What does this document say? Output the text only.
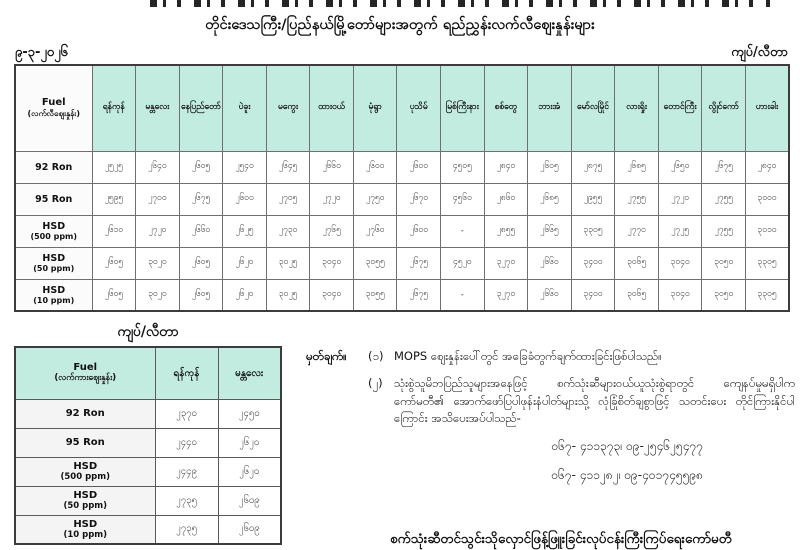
တိုင်းဒေသကြီး/ပြည်နယ်မြို့တော်များအတွက် ရည်ညွှန်းလက်လီဈေးနှုန်းများ
၉-၃-၂၀၂၆	ကျပ်/လီတာ
Fuel
(လက်လီဈေးနှုန်း)	ရန်ကုန်	မန္တလေး	နေပြည်တော်	ပဲခူး	မကွေး	ထားဝယ်	မုံရွာ	ပုသိမ်	မြစ်ကြီးနား	စစ်တွေ	ဘားအံ	မော်လမြိုင်	လားရှိုး	တောင်ကြီး	လွိုင်ကော်	ဟားခါး
92 Ron	၂၅၂၅	၂၆၄၀	၂၆၀၅	၂၅၄၀	၂၆၄၅	၂၆၆၀	၂၆၀၀	၂၆၀၀	၄၅၀၅	၂၈၄၀	၂၆၀၅	၂၈၇၅	၂၆၈၅	၂၆၅၀	၂၆၇၅	၂၈၄၀
95 Ron	၂၅၉၅	၂၇၀၀	၂၆၇၅	၂၆၀၀	၂၇၀၅	၂၇၂၀	၂၇၅၀	၂၆၇၀	၄၅၆၀	၂၈၆၀	၂၆၈၅	၂၉၅၅	၂၇၅၅	၂၇၂၀	၂၇၅၅	၃၀၀၀
HSD
(500 ppm)	၂၆၁၀	၂၇၂၀	၂၆၆၀	၂၆၂၅	၂၇၃၀	၂၇၆၅	၂၇၆၀	၂၆၀၀	-	၂၈၅၅	၂၆၆၅	၃၃၀၅	၂၇၇၀	၂၇၂၅	၂၇၅၅	၃၀၁၀
HSD
(50 ppm)	၂၆၀၅	၃၀၂၀	၂၆၀၅	၂၆၂၀	၃၀၂၅	၃၀၄၀	၃၀၅၅	၂၆၇၅	၄၅၂၀	၃၂၇၀	၂၆၆၀	၃၄၀၀	၃၀၆၅	၃၀၄၀	၃၀၅၀	၃၃၀၅
HSD
(10 ppm)	၂၆၀၅	၃၀၂၀	၂၆၀၅	၂၆၂၀	၃၀၂၅	၃၀၄၀	၃၀၅၅	၂၆၇၅	-	၃၂၇၀	၂၆၆၀	၃၄၀၀	၃၀၆၅	၃၀၄၀	၃၀၅၀	၃၃၀၅
ကျပ်/လီတာ
Fuel
(လက်ကားဈေးနှုန်း)	ရန်ကုန်	မန္တလေး
92 Ron	၂၃၇၀	၂၄၅၀
95 Ron	၂၄၄၀	၂၆၂၀
HSD
(500 ppm)	၂၄၄၉	၂၆၂၀
HSD
(50 ppm)	၂၇၃၅	၂၆၀၉
HSD
(10 ppm)	၂၇၃၅	၂၆၀၉
မှတ်ချက်။	(၁) MOPS ဈေးနှုန်းပေါ်တွင် အခြေခံတွက်ချက်ထားခြင်းဖြစ်ပါသည်။
(၂) သုံးစွဲသူမိဘပြည်သူများအနေဖြင့် စက်သုံးဆီများဝယ်ယူသုံးစွဲရာတွင် ကျေနပ်မှုမရှိပါက ကော်မတီ၏ အောက်ဖော်ပြပါဖုန်းနံပါတ်များသို့ လုံခြုံစိတ်ချစွာဖြင့် သတင်းပေး တိုင်ကြားနိုင်ပါကြောင်း အသိပေးအပ်ပါသည်-
ဝ၆၇- ၄၁၁၃၇၃၊ ဝ၉-၂၅၄၆၂၅၄၇၇
ဝ၆၇- ၄၁၁၂၈၂၊ ဝ၉-၄၀၁၇၄၅၅၉၈
စက်သုံးဆီတင်သွင်းသိုလှောင်ဖြန့်ဖြူးခြင်းလုပ်ငန်းကြီးကြပ်ရေးကော်မတီ
